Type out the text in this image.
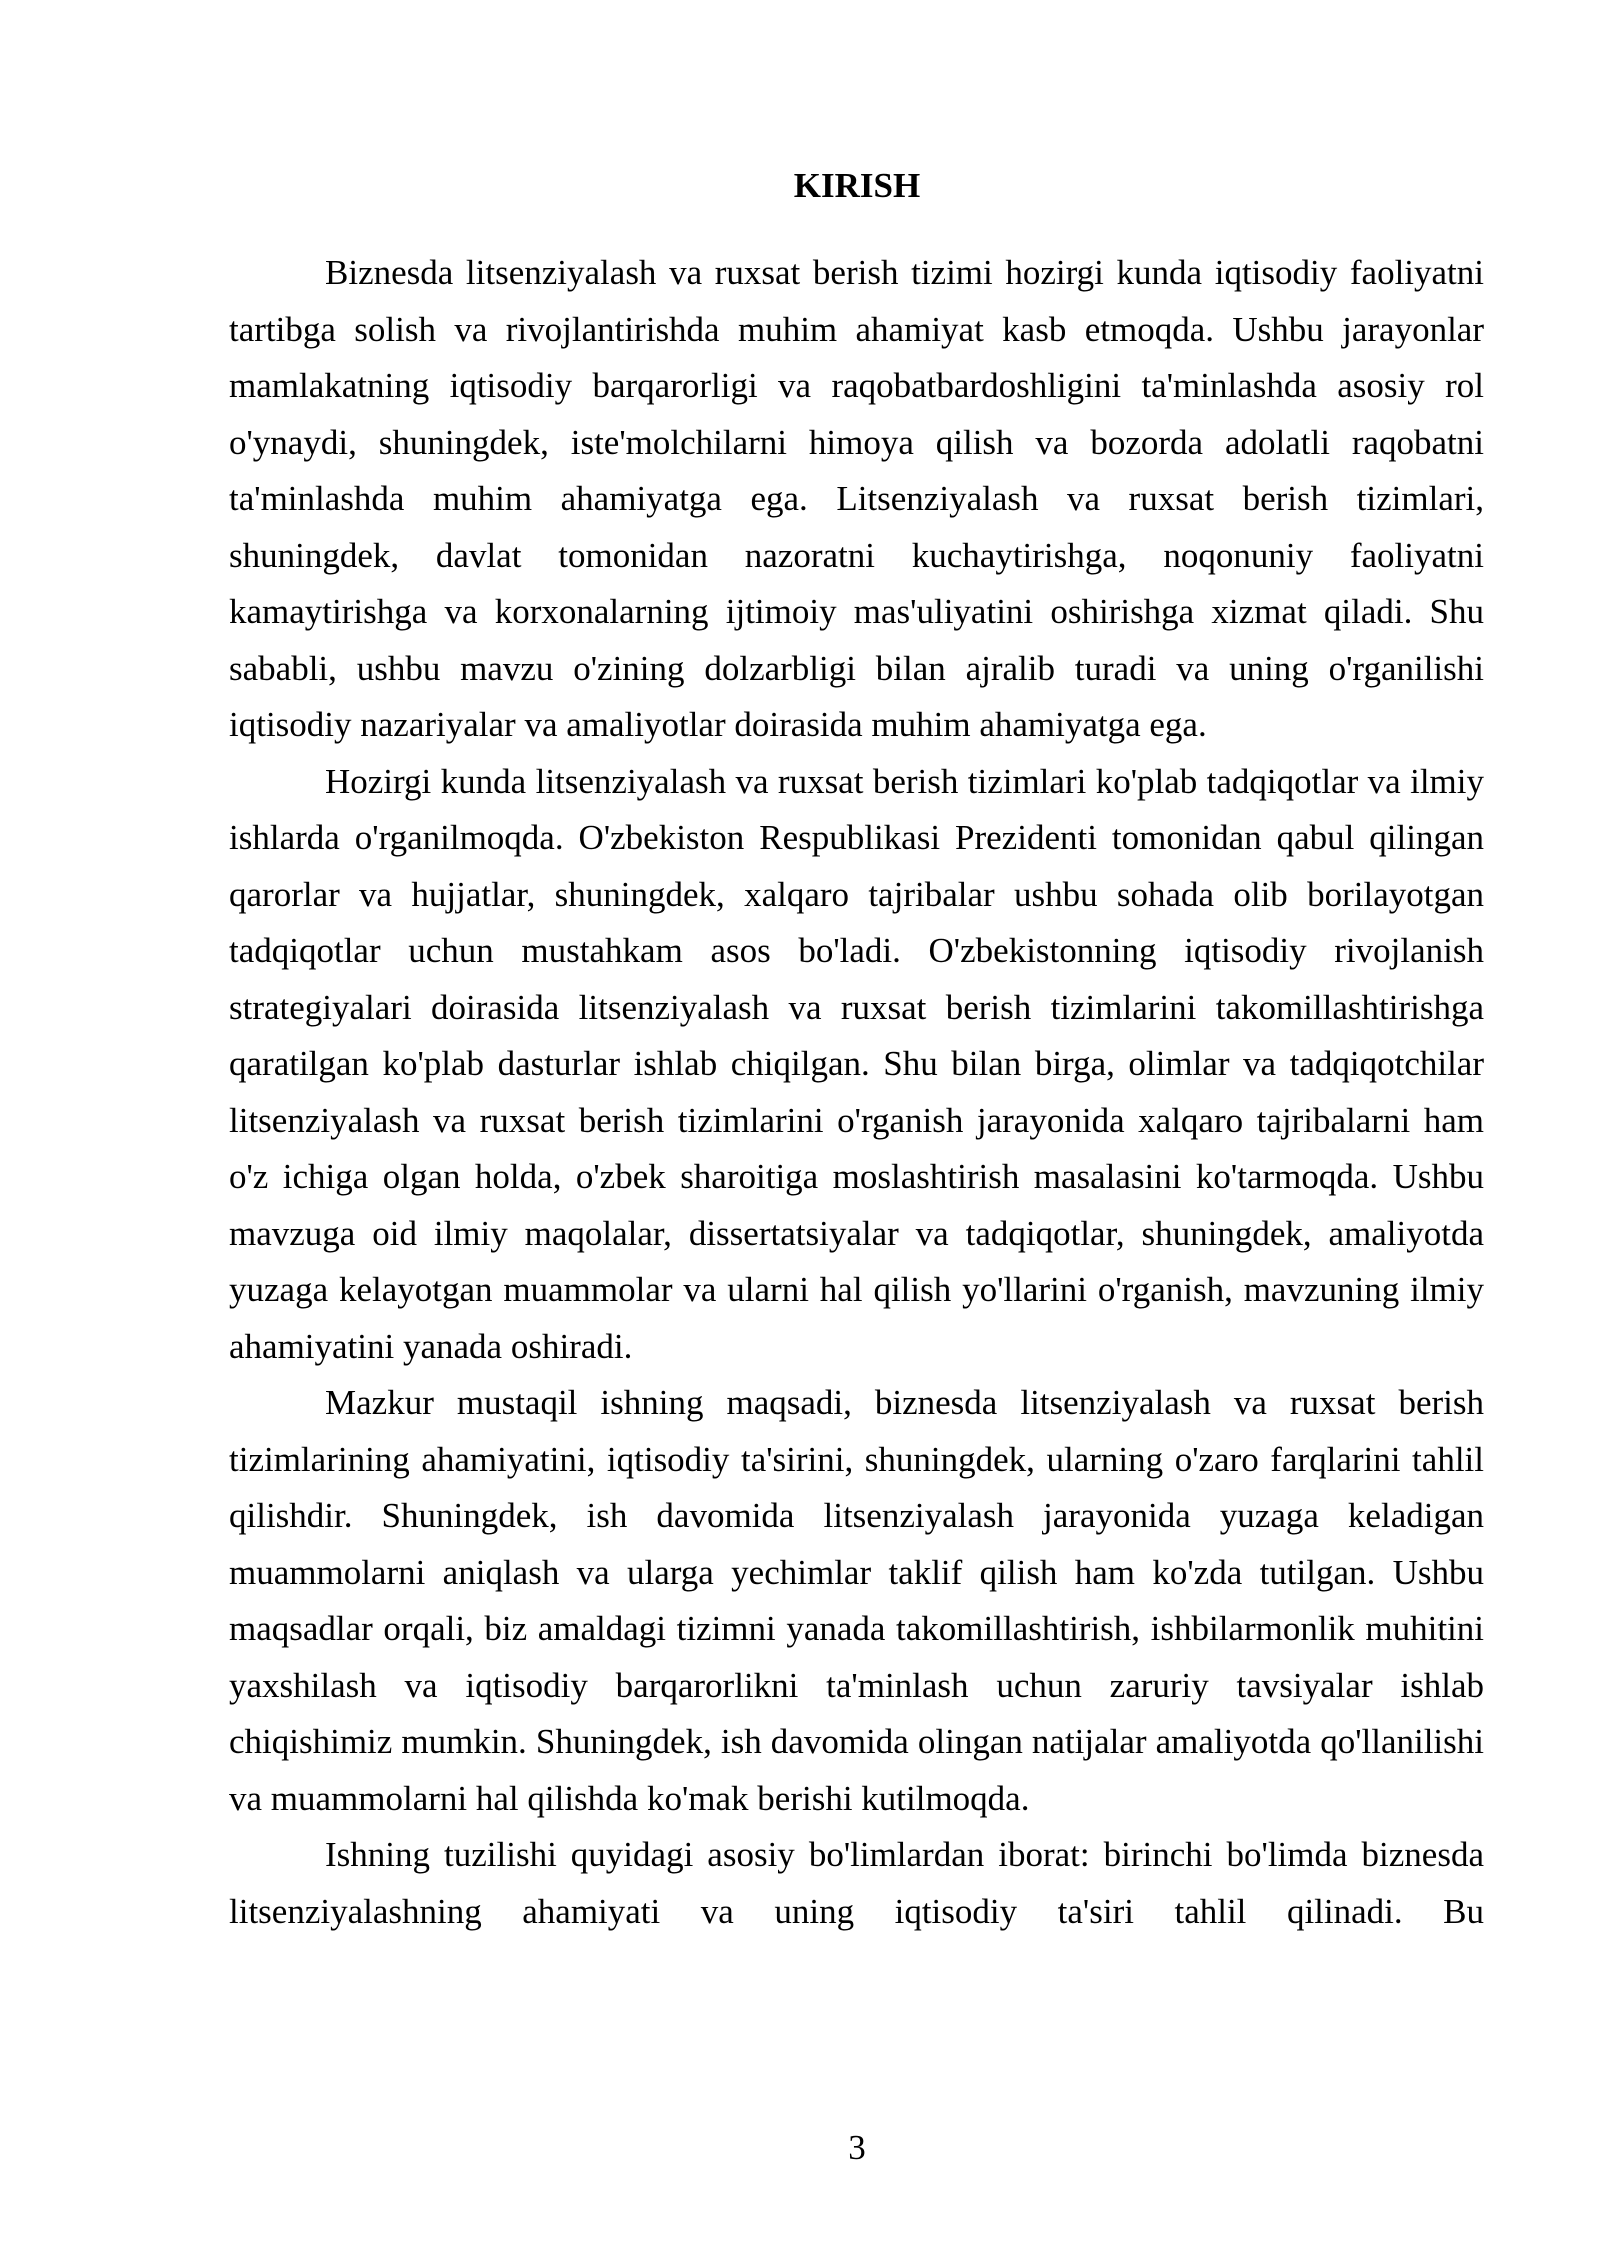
KIRISH

Biznesda litsenziyalash va ruxsat berish tizimi hozirgi kunda iqtisodiy faoliyatni tartibga solish va rivojlantirishda muhim ahamiyat kasb etmoqda. Ushbu jarayonlar mamlakatning iqtisodiy barqarorligi va raqobatbardoshligini ta'minlashda asosiy rol o'ynaydi, shuningdek, iste'molchilarni himoya qilish va bozorda adolatli raqobatni ta'minlashda muhim ahamiyatga ega. Litsenziyalash va ruxsat berish tizimlari, shuningdek, davlat tomonidan nazoratni kuchaytirishga, noqonuniy faoliyatni kamaytirishga va korxonalarning ijtimoiy mas'uliyatini oshirishga xizmat qiladi. Shu sababli, ushbu mavzu o'zining dolzarbligi bilan ajralib turadi va uning o'rganilishi iqtisodiy nazariyalar va amaliyotlar doirasida muhim ahamiyatga ega.

Hozirgi kunda litsenziyalash va ruxsat berish tizimlari ko'plab tadqiqotlar va ilmiy ishlarda o'rganilmoqda. O'zbekiston Respublikasi Prezidenti tomonidan qabul qilingan qarorlar va hujjatlar, shuningdek, xalqaro tajribalar ushbu sohada olib borilayotgan tadqiqotlar uchun mustahkam asos bo'ladi. O'zbekistonning iqtisodiy rivojlanish strategiyalari doirasida litsenziyalash va ruxsat berish tizimlarini takomillashtirishga qaratilgan ko'plab dasturlar ishlab chiqilgan. Shu bilan birga, olimlar va tadqiqotchilar litsenziyalash va ruxsat berish tizimlarini o'rganish jarayonida xalqaro tajribalarni ham o'z ichiga olgan holda, o'zbek sharoitiga moslashtirish masalasini ko'tarmoqda. Ushbu mavzuga oid ilmiy maqolalar, dissertatsiyalar va tadqiqotlar, shuningdek, amaliyotda yuzaga kelayotgan muammolar va ularni hal qilish yo'llarini o'rganish, mavzuning ilmiy ahamiyatini yanada oshiradi.

Mazkur mustaqil ishning maqsadi, biznesda litsenziyalash va ruxsat berish tizimlarining ahamiyatini, iqtisodiy ta'sirini, shuningdek, ularning o'zaro farqlarini tahlil qilishdir. Shuningdek, ish davomida litsenziyalash jarayonida yuzaga keladigan muammolarni aniqlash va ularga yechimlar taklif qilish ham ko'zda tutilgan. Ushbu maqsadlar orqali, biz amaldagi tizimni yanada takomillashtirish, ishbilarmonlik muhitini yaxshilash va iqtisodiy barqarorlikni ta'minlash uchun zaruriy tavsiyalar ishlab chiqishimiz mumkin. Shuningdek, ish davomida olingan natijalar amaliyotda qo'llanilishi va muammolarni hal qilishda ko'mak berishi kutilmoqda.

Ishning tuzilishi quyidagi asosiy bo'limlardan iborat: birinchi bo'limda biznesda litsenziyalashning ahamiyati va uning iqtisodiy ta'siri tahlil qilinadi. Bu

3
